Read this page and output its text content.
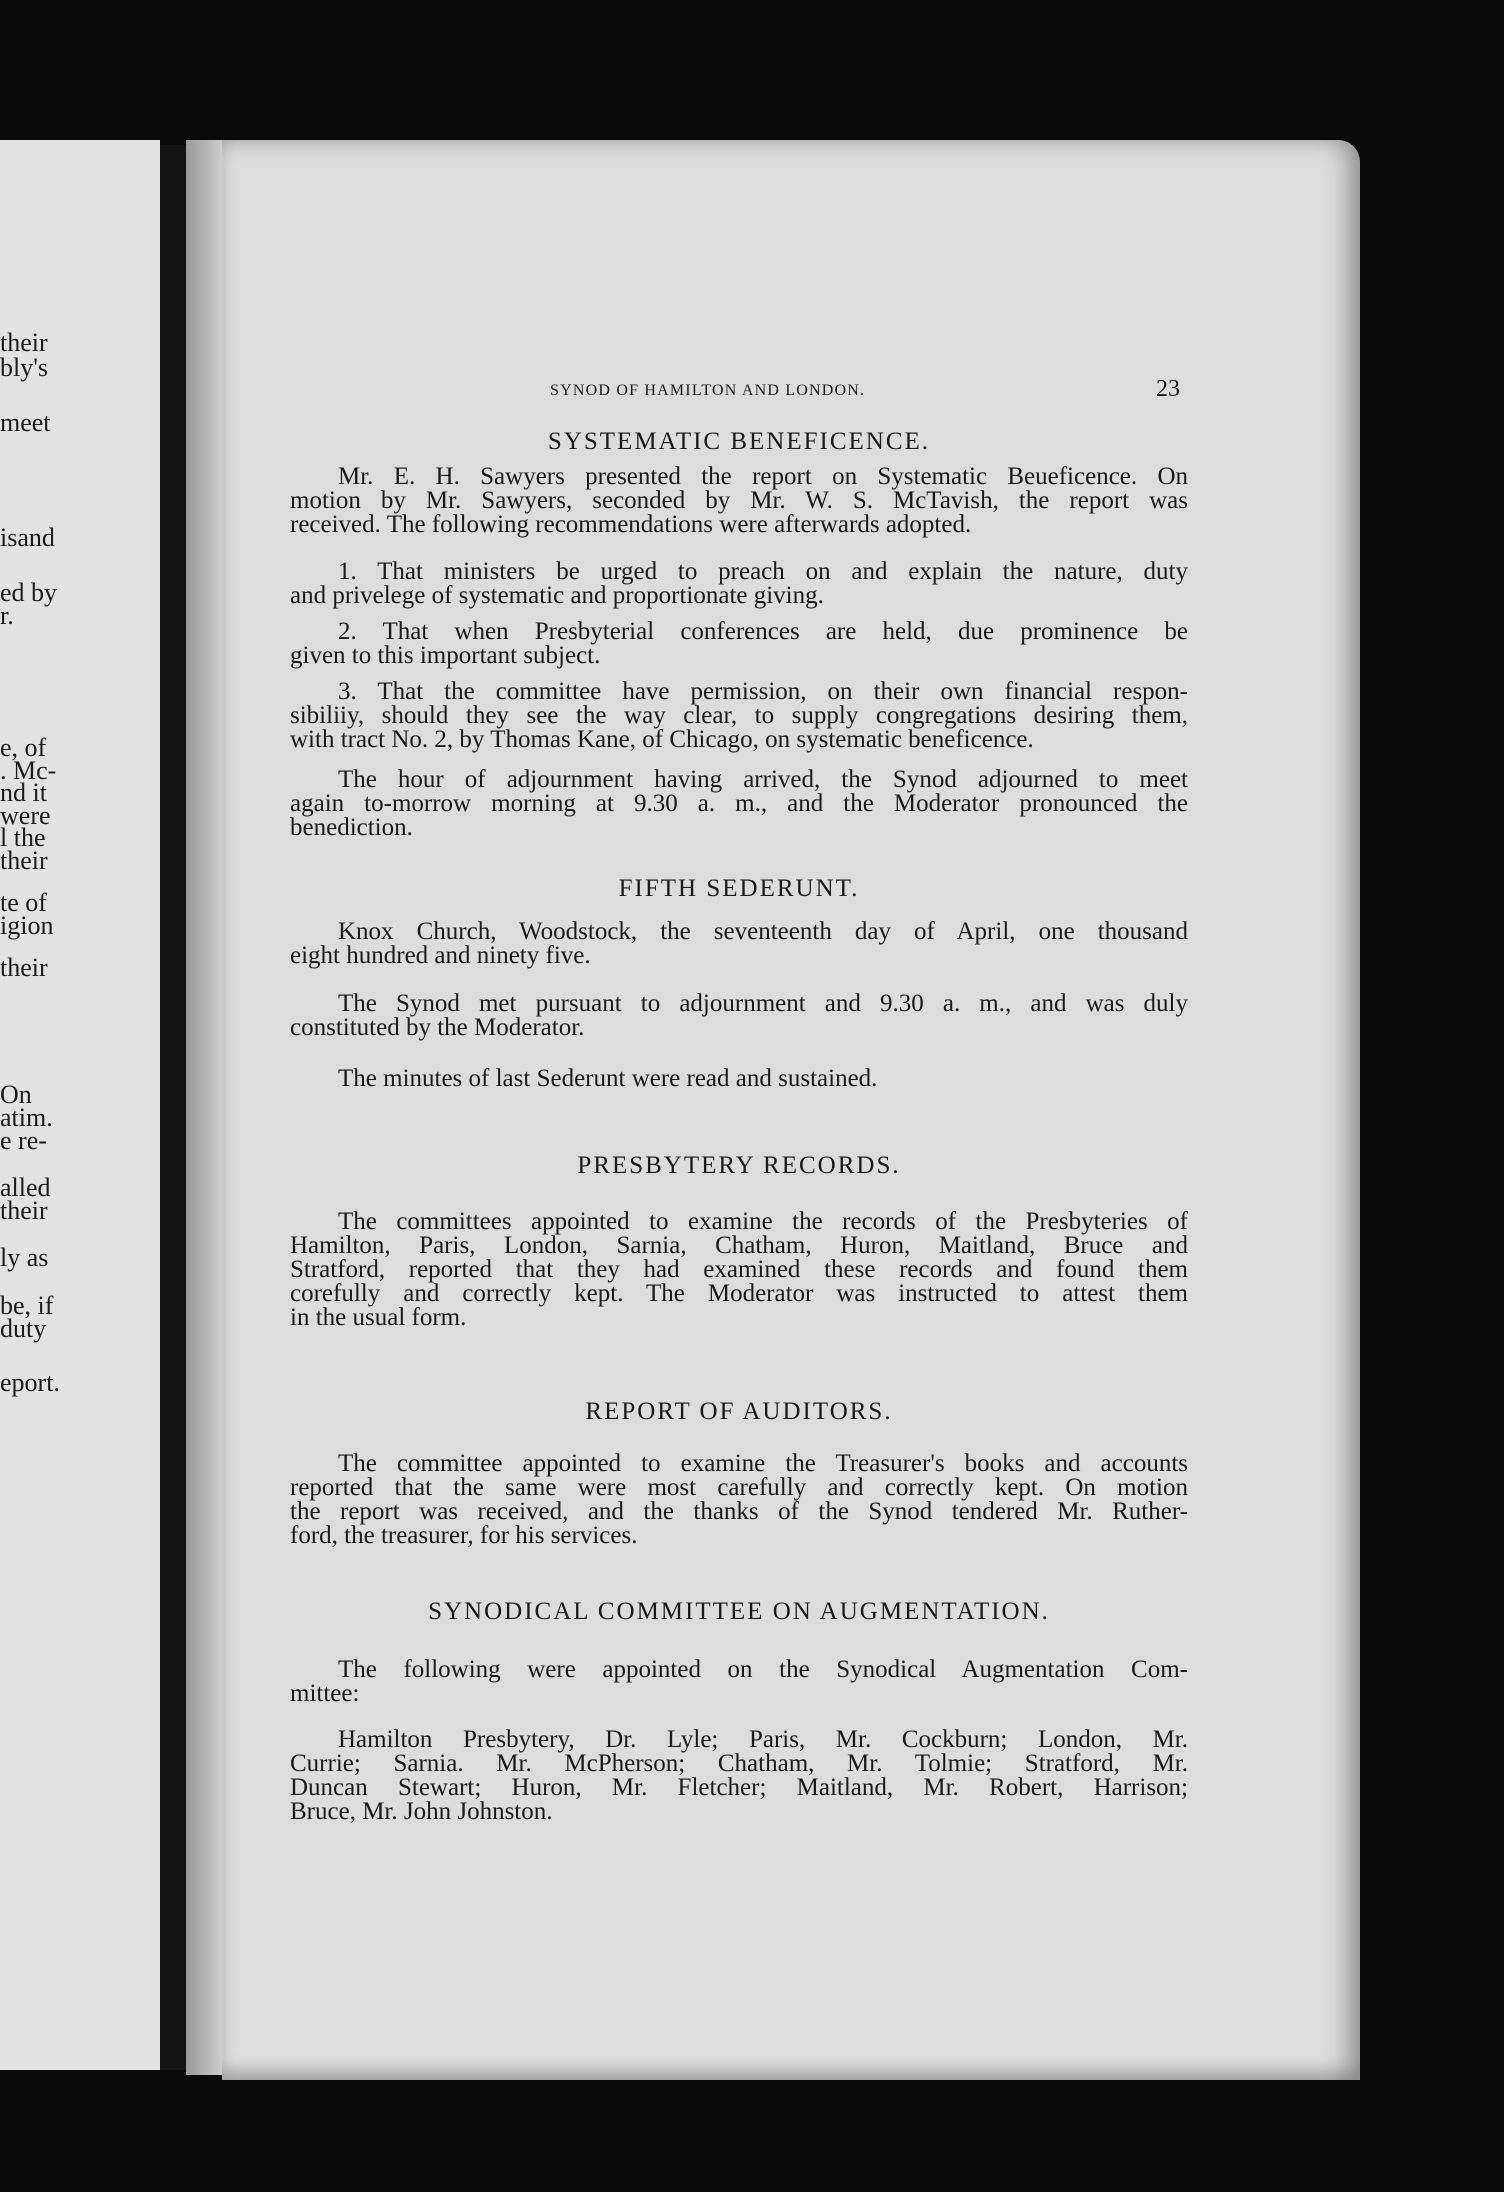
their
bly's
meet
isand
ed by
r.
e, of
. Mc-
nd it
were
l the
their
te of
igion
their
On
atim.
e re-
alled
their
ly as
be, if
duty
eport.
SYNOD OF HAMILTON AND LONDON.	23
SYSTEMATIC BENEFICENCE.
Mr. E. H. Sawyers presented the report on Systematic Beueficence. On
motion by Mr. Sawyers, seconded by Mr. W. S. McTavish, the report was
received. The following recommendations were afterwards adopted.
1. That ministers be urged to preach on and explain the nature, duty
and privelege of systematic and proportionate giving.
2. That when Presbyterial conferences are held, due prominence be
given to this important subject.
3. That the committee have permission, on their own financial respon-
sibiliiy, should they see the way clear, to supply congregations desiring them,
with tract No. 2, by Thomas Kane, of Chicago, on systematic beneficence.
The hour of adjournment having arrived, the Synod adjourned to meet
again to-morrow morning at 9.30 a. m., and the Moderator pronounced the
benediction.
FIFTH SEDERUNT.
Knox Church, Woodstock, the seventeenth day of April, one thousand
eight hundred and ninety five.
The Synod met pursuant to adjournment and 9.30 a. m., and was duly
constituted by the Moderator.
The minutes of last Sederunt were read and sustained.
PRESBYTERY RECORDS.
The committees appointed to examine the records of the Presbyteries of
Hamilton, Paris, London, Sarnia, Chatham, Huron, Maitland, Bruce and
Stratford, reported that they had examined these records and found them
corefully and correctly kept. The Moderator was instructed to attest them
in the usual form.
REPORT OF AUDITORS.
The committee appointed to examine the Treasurer's books and accounts
reported that the same were most carefully and correctly kept. On motion
the report was received, and the thanks of the Synod tendered Mr. Ruther-
ford, the treasurer, for his services.
SYNODICAL COMMITTEE ON AUGMENTATION.
The following were appointed on the Synodical Augmentation Com-
mittee:
Hamilton Presbytery, Dr. Lyle; Paris, Mr. Cockburn; London, Mr.
Currie; Sarnia. Mr. McPherson; Chatham, Mr. Tolmie; Stratford, Mr.
Duncan Stewart; Huron, Mr. Fletcher; Maitland, Mr. Robert, Harrison;
Bruce, Mr. John Johnston.
